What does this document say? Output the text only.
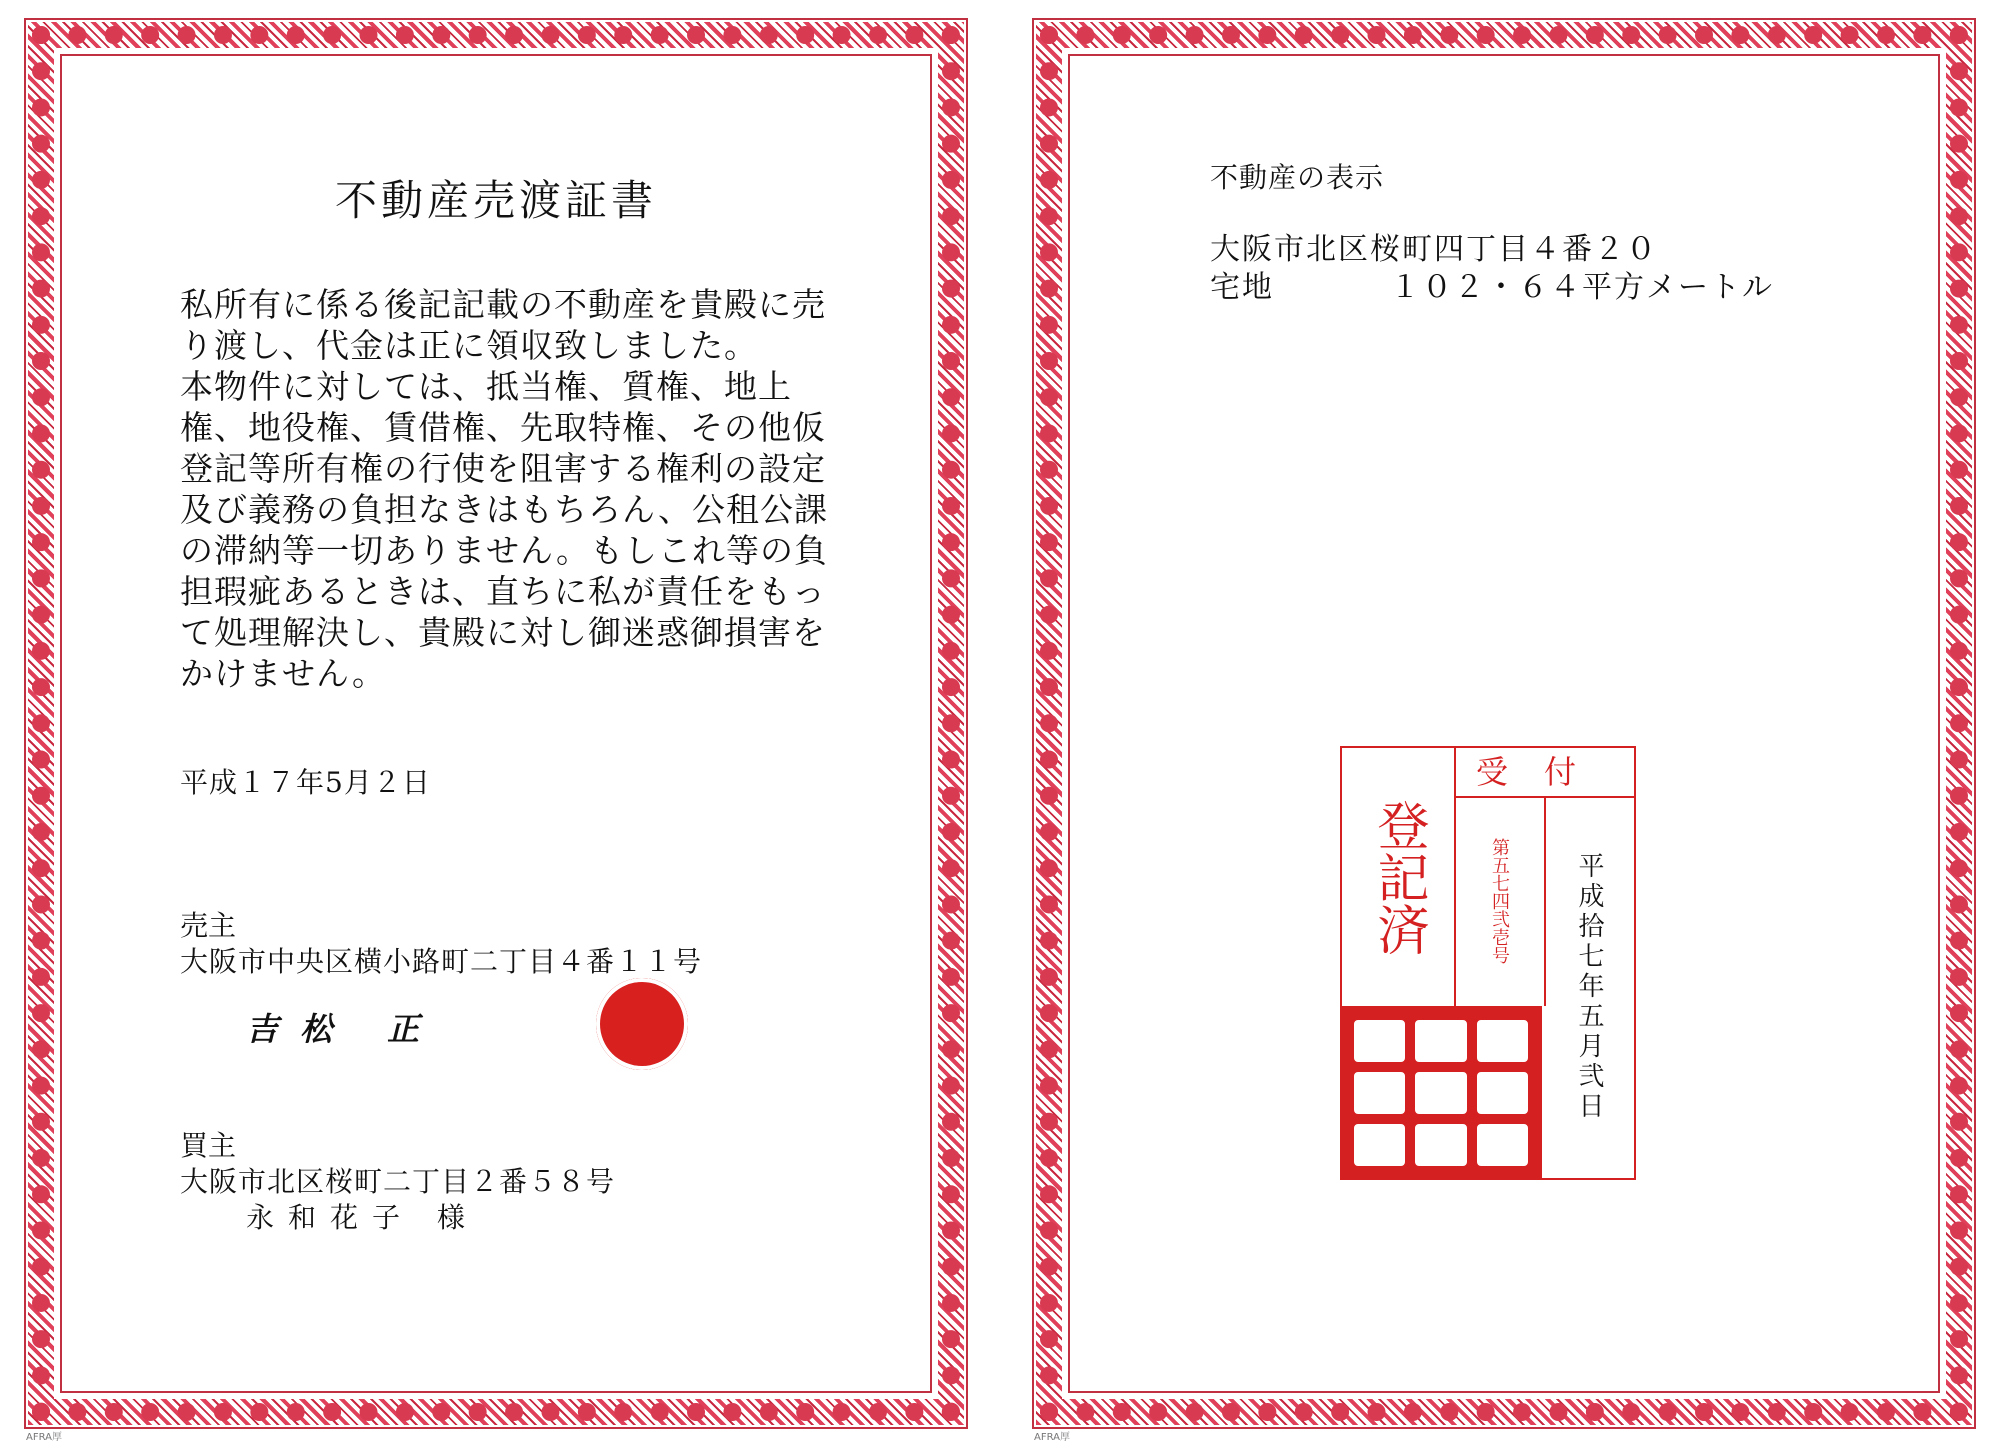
不動産売渡証書
私所有に係る後記記載の不動産を貴殿に売
り渡し、代金は正に領収致しました。
本物件に対しては、抵当権、質権、地上
権、地役権、賃借権、先取特権、その他仮
登記等所有権の行使を阻害する権利の設定
及び義務の負担なきはもちろん、公租公課
の滞納等一切ありません。もしこれ等の負
担瑕疵あるときは、直ちに私が責任をもっ
て処理解決し、貴殿に対し御迷惑御損害を
かけません。
平成１７年5月２日
売主
大阪市中央区横小路町二丁目４番１１号
吉松 正
買主
大阪市北区桜町二丁目２番５８号
永和花子 様
AFRA厚
不動産の表示
大阪市北区桜町四丁目４番２０
宅地	１０２・６４平方メートル
登記済
受付
第五七四弐壱号	平成拾七年五月弐日
AFRA厚
